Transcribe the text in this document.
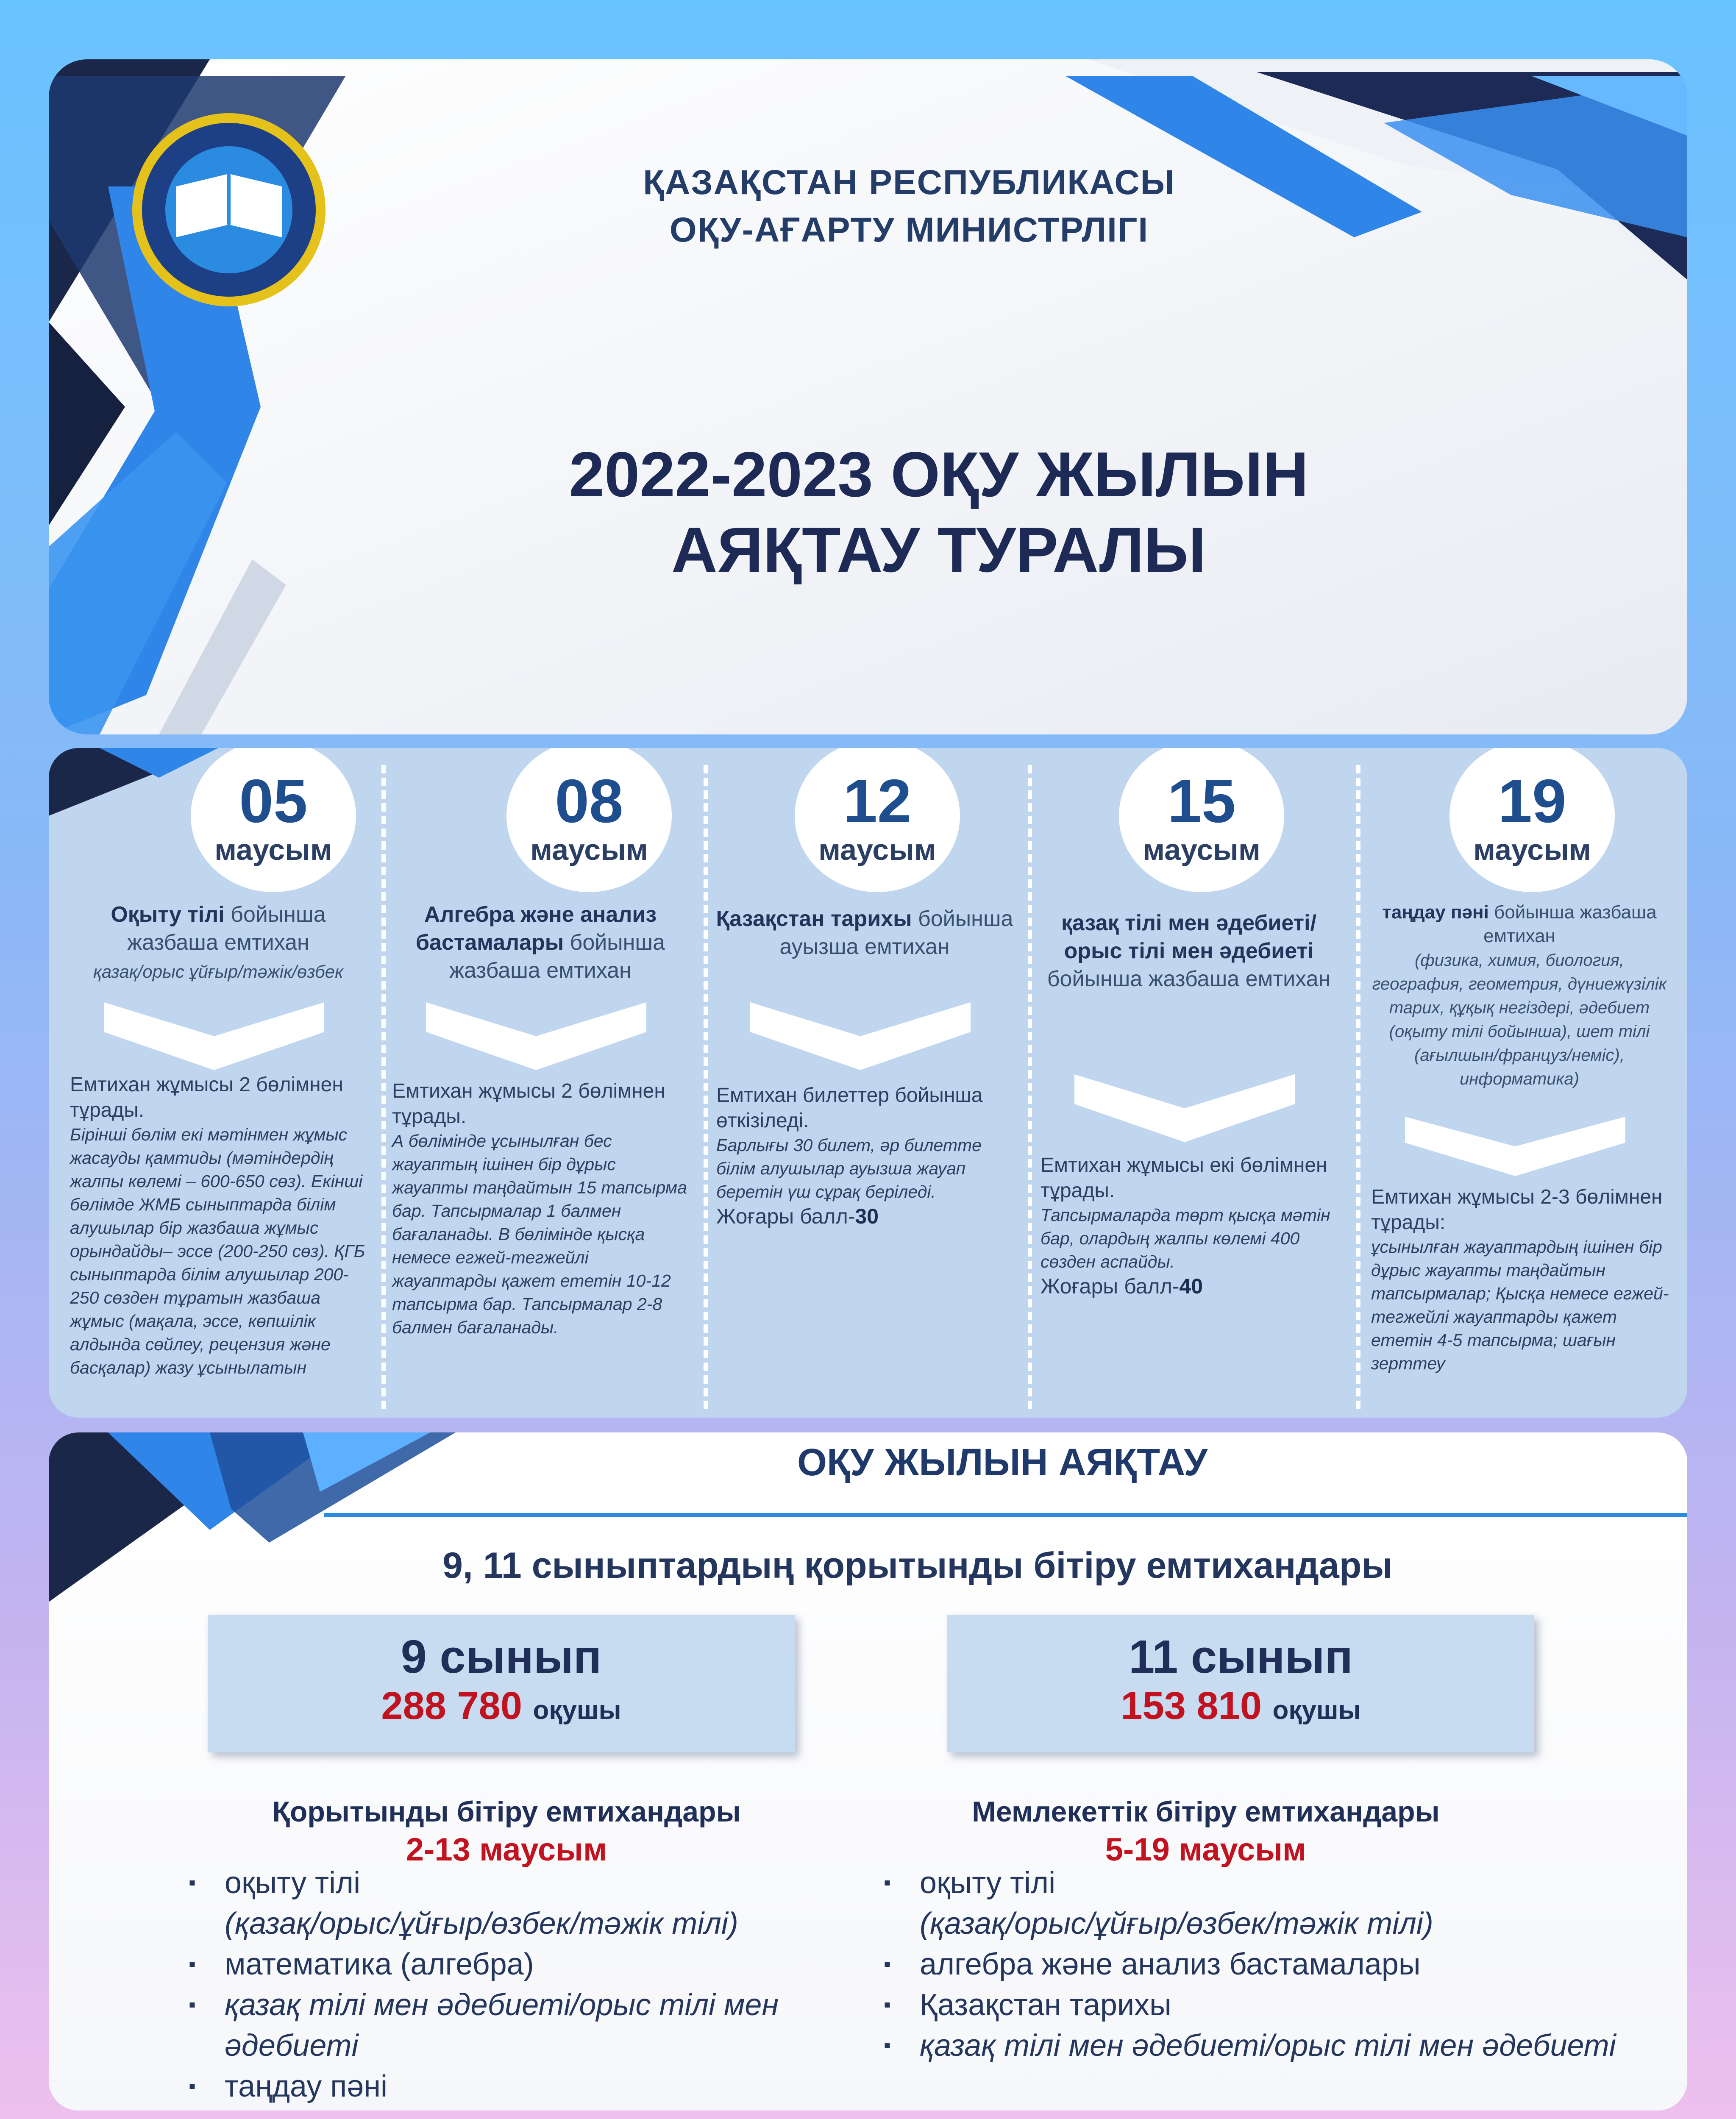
ҚАЗАҚСТАН РЕСПУБЛИКАСЫ
ОҚУ-АҒАРТУ МИНИСТРЛІГІ
2022-2023 ОҚУ ЖЫЛЫН
АЯҚТАУ ТУРАЛЫ
05
маусым
Оқыту тілі бойынша жазбаша емтихан
қазақ/орыс ұйғыр/тәжік/өзбек
Емтихан жұмысы 2 бөлімнен тұрады.
Бірінші бөлім екі мәтінмен жұмыс жасауды қамтиды (мәтіндердің жалпы көлемі – 600-650 сөз). Екінші бөлімде ЖМБ сыныптарда білім алушылар бір жазбаша жұмыс орындайды– эссе (200-250 сөз). ҚГБ сыныптарда білім алушылар 200-250 сөзден тұратын жазбаша жұмыс (мақала, эссе, көпшілік алдында сөйлеу, рецензия және басқалар) жазу ұсынылатын
08
маусым
Алгебра және анализ бастамалары бойынша жазбаша емтихан
Емтихан жұмысы 2 бөлімнен тұрады.
А бөлімінде ұсынылған бес жауаптың ішінен бір дұрыс жауапты таңдайтын 15 тапсырма бар. Тапсырмалар 1 балмен бағаланады. В бөлімінде қысқа немесе егжей-тегжейлі жауаптарды қажет ететін 10-12 тапсырма бар. Тапсырмалар 2-8 балмен бағаланады.
12
маусым
Қазақстан тарихы бойынша ауызша емтихан
Емтихан билеттер бойынша өткізіледі.
Барлығы 30 билет, әр билетте білім алушылар ауызша жауап беретін үш сұрақ беріледі.
Жоғары балл-30
15
маусым
қазақ тілі мен әдебиеті/орыс тілі мен әдебиеті бойынша жазбаша емтихан
Емтихан жұмысы екі бөлімнен тұрады.
Тапсырмаларда төрт қысқа мәтін бар, олардың жалпы көлемі 400 сөзден аспайды.
Жоғары балл-40
19
маусым
таңдау пәні бойынша жазбаша емтихан
(физика, химия, биология, география, геометрия, дүниежүзілік тарих, құқық негіздері, әдебиет (оқыту тілі бойынша), шет тілі (ағылшын/француз/неміс), информатика)
Емтихан жұмысы 2-3 бөлімнен тұрады:
ұсынылған жауаптардың ішінен бір дұрыс жауапты таңдайтын тапсырмалар; Қысқа немесе егжей-тегжейлі жауаптарды қажет ететін 4-5 тапсырма; шағын зерттеу
ОҚУ ЖЫЛЫН АЯҚТАУ
9, 11 сыныптардың қорытынды бітіру емтихандары
9 сынып
288 780 оқушы
11 сынып
153 810 оқушы
Қорытынды бітіру емтихандары
2-13 маусым
Мемлекеттік бітіру емтихандары
5-19 маусым
▪ оқыту тілі
(қазақ/орыс/ұйғыр/өзбек/тәжік тілі)
▪ математика (алгебра)
▪ қазақ тілі мен әдебиеті/орыс тілі мен әдебиеті
▪ таңдау пәні
▪ оқыту тілі
(қазақ/орыс/ұйғыр/өзбек/тәжік тілі)
▪ алгебра және анализ бастамалары
▪ Қазақстан тарихы
▪ қазақ тілі мен әдебиеті/орыс тілі мен әдебиеті
